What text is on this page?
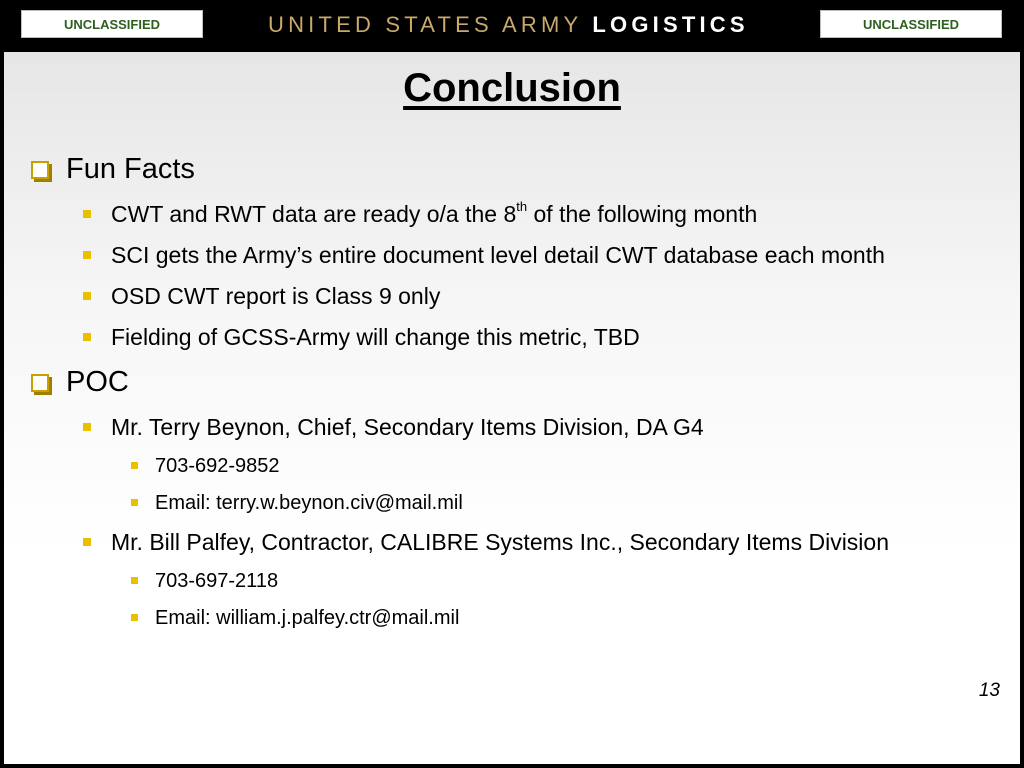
UNCLASSIFIED	UNITED STATES ARMY LOGISTICS	UNCLASSIFIED
Conclusion
Fun Facts
CWT and RWT data are ready o/a the 8th of the following month
SCI gets the Army’s entire document level detail CWT database each month
OSD CWT report is Class 9 only
Fielding of GCSS-Army will change this metric, TBD
POC
Mr. Terry Beynon, Chief, Secondary Items Division, DA G4
703-692-9852
Email: terry.w.beynon.civ@mail.mil
Mr. Bill Palfey, Contractor, CALIBRE Systems Inc., Secondary Items Division
703-697-2118
Email: william.j.palfey.ctr@mail.mil
13
